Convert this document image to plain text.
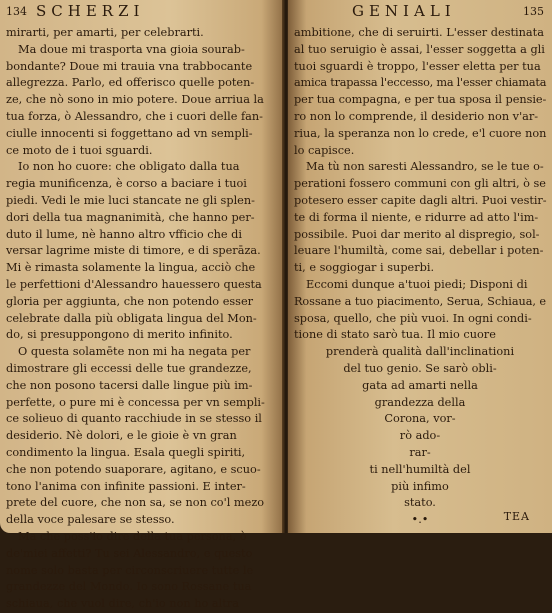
134 SCHERZI
mirarti, per amarti, per celebrarti.
Ma doue mi trasporta vna gioia sourab-
bondante? Doue mi trauia vna trabbocante
allegrezza. Parlo, ed offerisco quelle poten-
ze, che nò sono in mio potere. Doue arriua la
tua forza, ò Alessandro, che i cuori delle fan-
ciulle innocenti si foggettano ad vn sempli-
ce moto de i tuoi sguardi.
Io non ho cuore: che obligato dalla tua
regia munificenza, è corso a baciare i tuoi
piedi. Vedi le mie luci stancate ne gli splen-
dori della tua magnanimità, che hanno per-
duto il lume, nè hanno altro vfficio che di
versar lagrime miste di timore, e di sperāza.
Mi è rimasta solamente la lingua, acciò che
le perfettioni d'Alessandro hauessero questa
gloria per aggiunta, che non potendo esser
celebrate dalla più obligata lingua del Mon-
do, si presuppongono di merito infinito.
O questa solamēte non mi ha negata per
dimostrare gli eccessi delle tue grandezze,
che non posono tacersi dalle lingue più im-
perfette, o pure mi è concessa per vn sempli-
ce solieuo di quanto racchiude in se stesso il
desiderio. Nè dolori, e le gioie è vn gran
condimento la lingua. Esala quegli spiriti,
che non potendo suaporare, agitano, e scuo-
tono l'anima con infinite passioni. E inter-
prete del cuore, che non sa, se non co'l mezo
della voce palesare se stesso.
Ma che poss'io dire della tua persona, ò
de'miei affetti? Tu sei Alessandro, e questo
nome solo basta per circonscriuere tutte le
grandezze del Mondo. Io sono Rossane tua
schiaua, che vuol dire, ch'io non ho altra
GENIALI	135
ambitione, che di seruirti. L'esser destinata
al tuo seruigio è assai, l'esser soggetta a gli
tuoi sguardi è troppo, l'esser eletta per tua
amica trapassa l'eccesso, ma l'esser chiamata
per tua compagna, e per tua sposa il pensie-
ro non lo comprende, il desiderio non v'ar-
riua, la speranza non lo crede, e'l cuore non
lo capisce.
Ma tù non saresti Alessandro, se le tue o-
perationi fossero communi con gli altri, ò se
potesero esser capite dagli altri. Puoi vestir-
te di forma il niente, e ridurre ad atto l'im-
possibile. Puoi dar merito al dispregio, sol-
leuare l'humiltà, come sai, debellar i poten-
ti, e soggiogar i superbi.
Eccomi dunque a'tuoi piedi; Disponi di
Rossane a tuo piacimento, Serua, Schiaua, e
sposa, quello, che più vuoi. In ogni condi-
tione di stato sarò tua. Il mio cuore
prenderà qualità dall'inclinationi
del tuo genio. Se sarò obli-
gata ad amarti nella
grandezza della
Corona, vor-
rò ado-
rar-
ti nell'humiltà del
più infimo
stato.
•.•	TEA
